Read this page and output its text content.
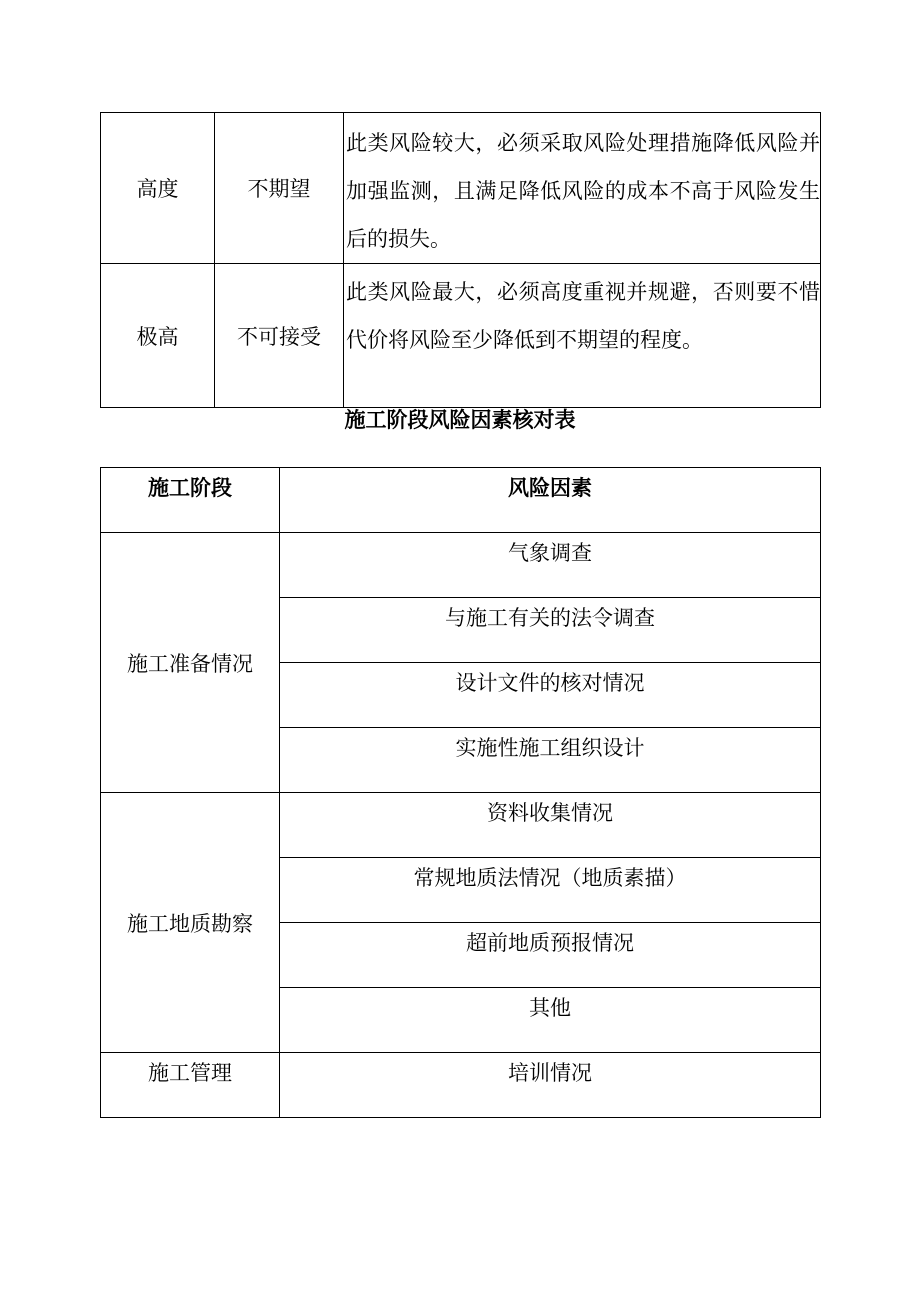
高度	不期望	此类风险较大，必须采取风险处理措施降低风险并加强监测，且满足降低风险的成本不高于风险发生后的损失。
极高	不可接受	此类风险最大，必须高度重视并规避，否则要不惜代价将风险至少降低到不期望的程度。
施工阶段风险因素核对表
施工阶段	风险因素
施工准备情况	气象调查
	与施工有关的法令调查
	设计文件的核对情况
	实施性施工组织设计
施工地质勘察	资料收集情况
	常规地质法情况（地质素描）
	超前地质预报情况
	其他
施工管理	培训情况
